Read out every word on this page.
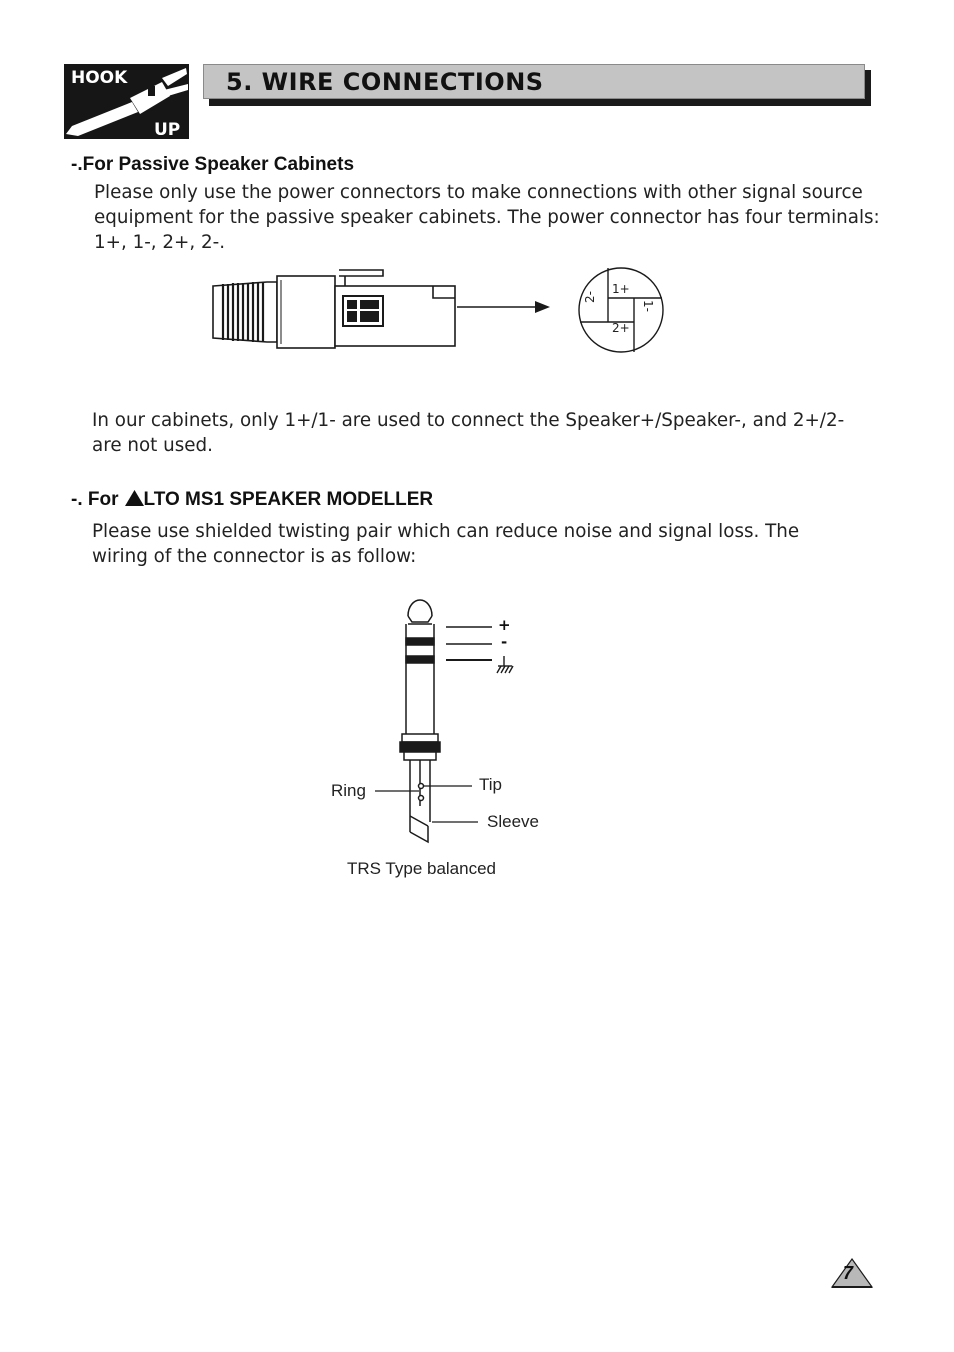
HOOK
UP
5. WIRE CONNECTIONS
-.For Passive Speaker Cabinets
Please only use the power connectors to make connections with other signal source
equipment for the passive speaker cabinets. The power connector has four terminals:
1+, 1-, 2+, 2-.
1+
2+
2-
1-
In our cabinets, only 1+/1- are used to connect the Speaker+/Speaker-, and 2+/2-
are not used.
-. For LTO MS1 SPEAKER MODELLER
Please use shielded twisting pair which can reduce noise and signal loss. The
wiring of the connector is as follow:
+
-
Ring	Tip
Sleeve
TRS Type balanced
7
